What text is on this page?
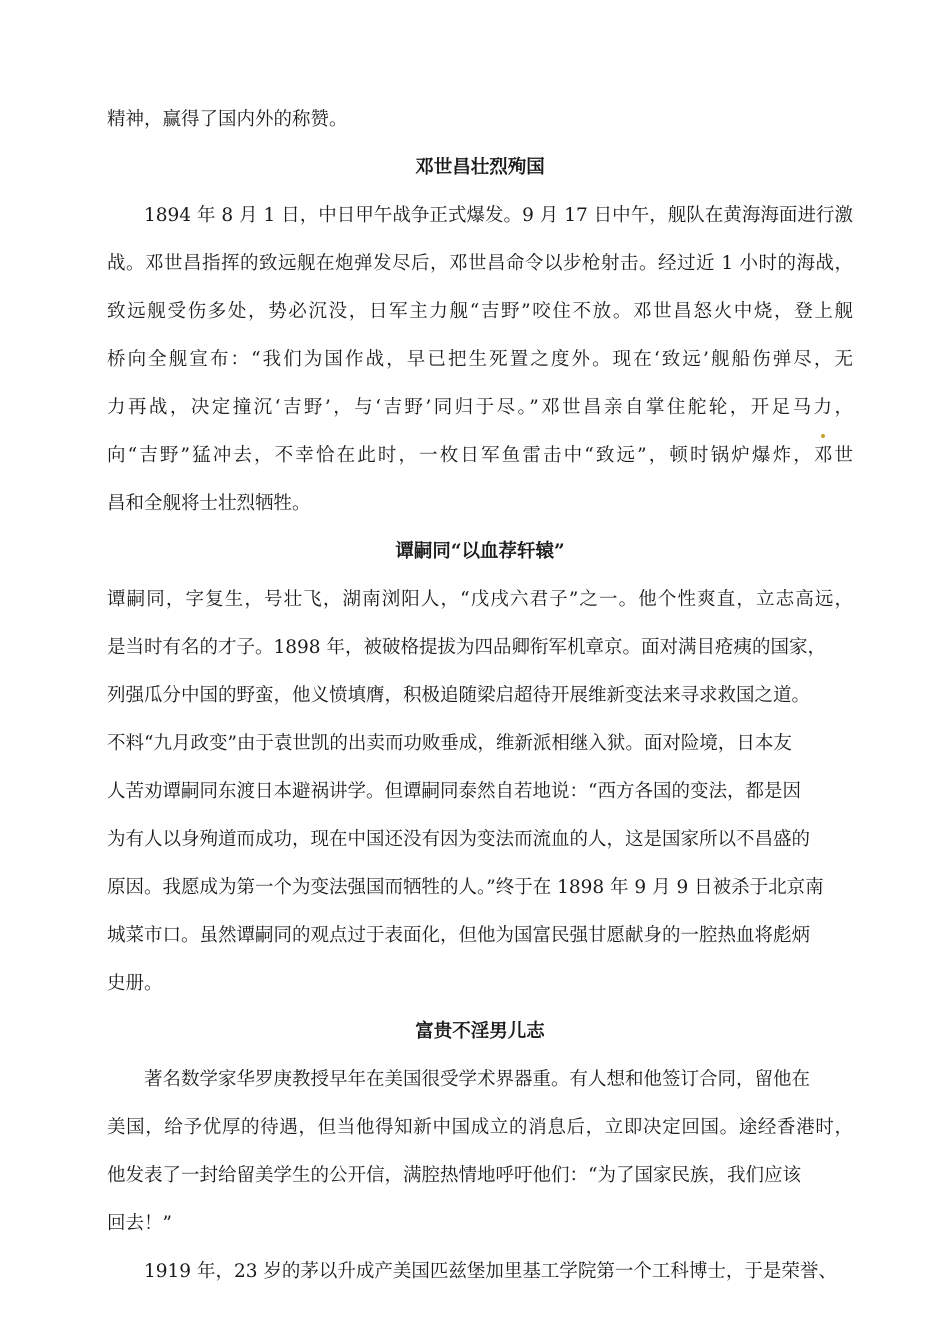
精神，赢得了国内外的称赞。
邓世昌壮烈殉国
1894 年 8 月 1 日，中日甲午战争正式爆发。9 月 17 日中午，舰队在黄海海面进行激
战。邓世昌指挥的致远舰在炮弹发尽后，邓世昌命令以步枪射击。经过近 1 小时的海战，
致远舰受伤多处，势必沉没，日军主力舰“吉野”咬住不放。邓世昌怒火中烧，登上舰
桥向全舰宣布：“我们为国作战，早已把生死置之度外。现在‘致远’舰船伤弹尽，无
力再战，决定撞沉‘吉野’，与‘吉野’同归于尽。”邓世昌亲自掌住舵轮，开足马力，
向“吉野”猛冲去，不幸恰在此时，一枚日军鱼雷击中“致远”，顿时锅炉爆炸，邓世
昌和全舰将士壮烈牺牲。
谭嗣同“以血荐轩辕”
谭嗣同，字复生，号壮飞，湖南浏阳人，“戊戌六君子”之一。他个性爽直，立志高远，
是当时有名的才子。1898 年，被破格提拔为四品卿衔军机章京。面对满目疮痍的国家，
列强瓜分中国的野蛮，他义愤填膺，积极追随梁启超待开展维新变法来寻求救国之道。
不料“九月政变”由于袁世凯的出卖而功败垂成，维新派相继入狱。面对险境，日本友
人苦劝谭嗣同东渡日本避祸讲学。但谭嗣同泰然自若地说：“西方各国的变法，都是因
为有人以身殉道而成功，现在中国还没有因为变法而流血的人，这是国家所以不昌盛的
原因。我愿成为第一个为变法强国而牺牲的人。”终于在 1898 年 9 月 9 日被杀于北京南
城菜市口。虽然谭嗣同的观点过于表面化，但他为国富民强甘愿献身的一腔热血将彪炳
史册。
富贵不淫男儿志
著名数学家华罗庚教授早年在美国很受学术界器重。有人想和他签订合同，留他在
美国，给予优厚的待遇，但当他得知新中国成立的消息后，立即决定回国。途经香港时，
他发表了一封给留美学生的公开信，满腔热情地呼吁他们：“为了国家民族，我们应该
回去！”
1919 年，23 岁的茅以升成产美国匹兹堡加里基工学院第一个工科博士，于是荣誉、
